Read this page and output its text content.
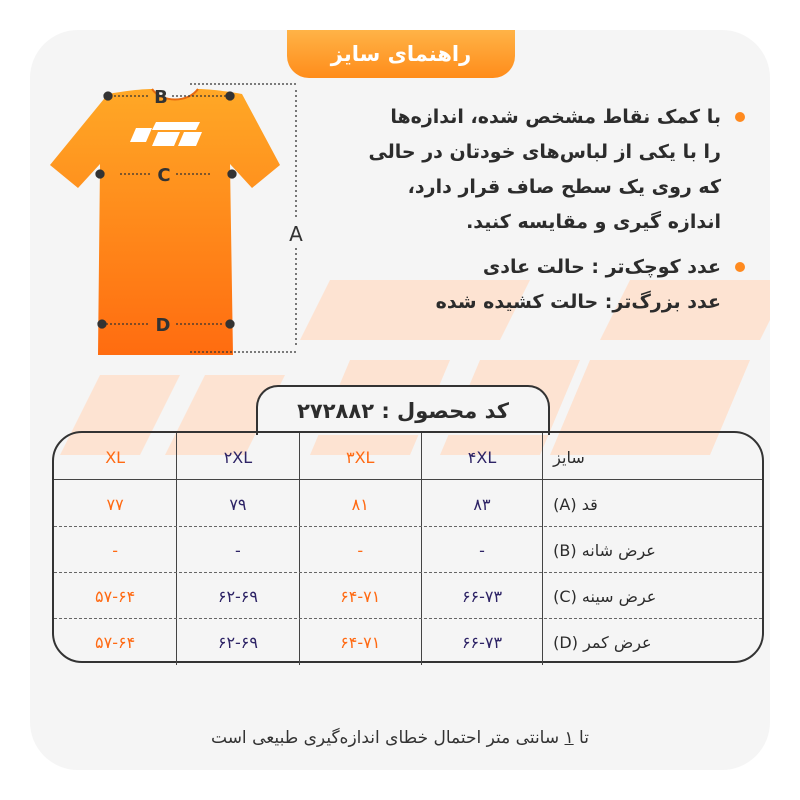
راهنمای سایز
B
C
D
A

با کمک نقاط مشخص شده، اندازه‌ها

را با یکی از لباس‌های خودتان در حالی

که روی یک سطح صاف قرار دارد،

اندازه گیری و مقایسه کنید.

عدد کوچک‌تر : حالت عادی

عدد بزرگ‌تر: حالت کشیده شده

کد محصول : ۲۷۲۸۸۲
سایز
۴XL
۳XL
۲XL
XL
قد (A)
۸۳
۸۱
۷۹
۷۷
عرض شانه (B)
-
-
-
-
عرض سینه (C)
۶۶-۷۳
۶۴-۷۱
۶۲-۶۹
۵۷-۶۴
عرض کمر (D)
۶۶-۷۳
۶۴-۷۱
۶۲-۶۹
۵۷-۶۴
تا ۱ سانتی متر احتمال خطای اندازه‌گیری طبیعی است
